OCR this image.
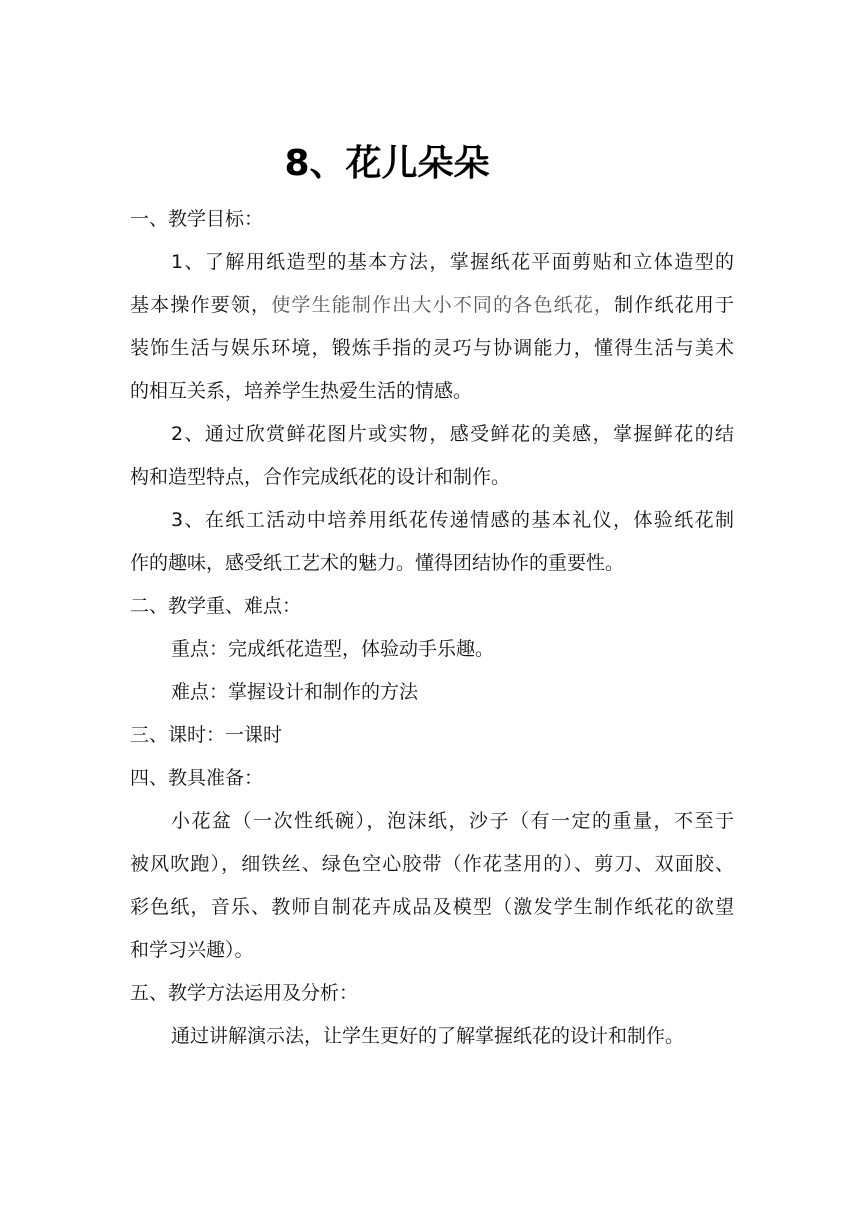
8、花儿朵朵

一、教学目标：

1、了解用纸造型的基本方法，掌握纸花平面剪贴和立体造型的

基本操作要领，使学生能制作出大小不同的各色纸花，制作纸花用于

装饰生活与娱乐环境，锻炼手指的灵巧与协调能力，懂得生活与美术

的相互关系，培养学生热爱生活的情感。

2、通过欣赏鲜花图片或实物，感受鲜花的美感，掌握鲜花的结

构和造型特点，合作完成纸花的设计和制作。

3、在纸工活动中培养用纸花传递情感的基本礼仪，体验纸花制

作的趣味，感受纸工艺术的魅力。懂得团结协作的重要性。

二、教学重、难点：

重点：完成纸花造型，体验动手乐趣。

难点：掌握设计和制作的方法

三、课时：一课时

四、教具准备：

小花盆（一次性纸碗），泡沫纸，沙子（有一定的重量，不至于

被风吹跑），细铁丝、绿色空心胶带（作花茎用的）、剪刀、双面胶、

彩色纸，音乐、教师自制花卉成品及模型（激发学生制作纸花的欲望

和学习兴趣）。

五、教学方法运用及分析：

通过讲解演示法，让学生更好的了解掌握纸花的设计和制作。
